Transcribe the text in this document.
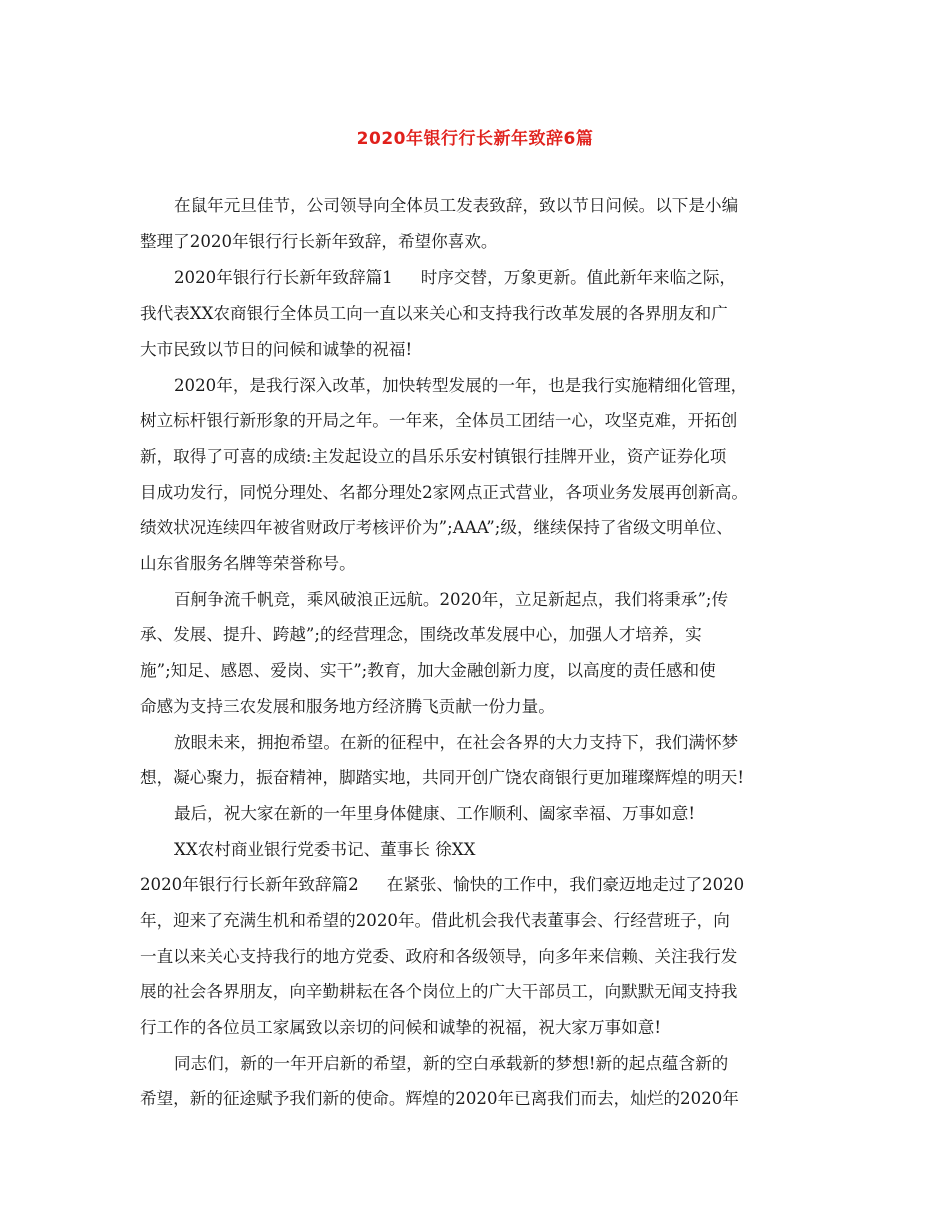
2020年银行行长新年致辞6篇
在鼠年元旦佳节，公司领导向全体员工发表致辞，致以节日问候。以下是小编
整理了2020年银行行长新年致辞，希望你喜欢。
2020年银行行长新年致辞篇1 时序交替，万象更新。值此新年来临之际，
我代表XX农商银行全体员工向一直以来关心和支持我行改革发展的各界朋友和广
大市民致以节日的问候和诚挚的祝福!
2020年，是我行深入改革，加快转型发展的一年，也是我行实施精细化管理，
树立标杆银行新形象的开局之年。一年来，全体员工团结一心，攻坚克难，开拓创
新，取得了可喜的成绩:主发起设立的昌乐乐安村镇银行挂牌开业，资产证券化项
目成功发行，同悦分理处、名都分理处2家网点正式营业，各项业务发展再创新高。
绩效状况连续四年被省财政厅考核评价为”;AAA”;级，继续保持了省级文明单位、
山东省服务名牌等荣誉称号。
百舸争流千帆竞，乘风破浪正远航。2020年，立足新起点，我们将秉承”;传
承、发展、提升、跨越”;的经营理念，围绕改革发展中心，加强人才培养，实
施”;知足、感恩、爱岗、实干”;教育，加大金融创新力度，以高度的责任感和使
命感为支持三农发展和服务地方经济腾飞贡献一份力量。
放眼未来，拥抱希望。在新的征程中，在社会各界的大力支持下，我们满怀梦
想，凝心聚力，振奋精神，脚踏实地，共同开创广饶农商银行更加璀璨辉煌的明天!
最后，祝大家在新的一年里身体健康、工作顺利、阖家幸福、万事如意!
XX农村商业银行党委书记、董事长 徐XX
2020年银行行长新年致辞篇2 在紧张、愉快的工作中，我们豪迈地走过了2020
年，迎来了充满生机和希望的2020年。借此机会我代表董事会、行经营班子，向
一直以来关心支持我行的地方党委、政府和各级领导，向多年来信赖、关注我行发
展的社会各界朋友，向辛勤耕耘在各个岗位上的广大干部员工，向默默无闻支持我
行工作的各位员工家属致以亲切的问候和诚挚的祝福，祝大家万事如意!
同志们，新的一年开启新的希望，新的空白承载新的梦想!新的起点蕴含新的
希望，新的征途赋予我们新的使命。辉煌的2020年已离我们而去，灿烂的2020年
